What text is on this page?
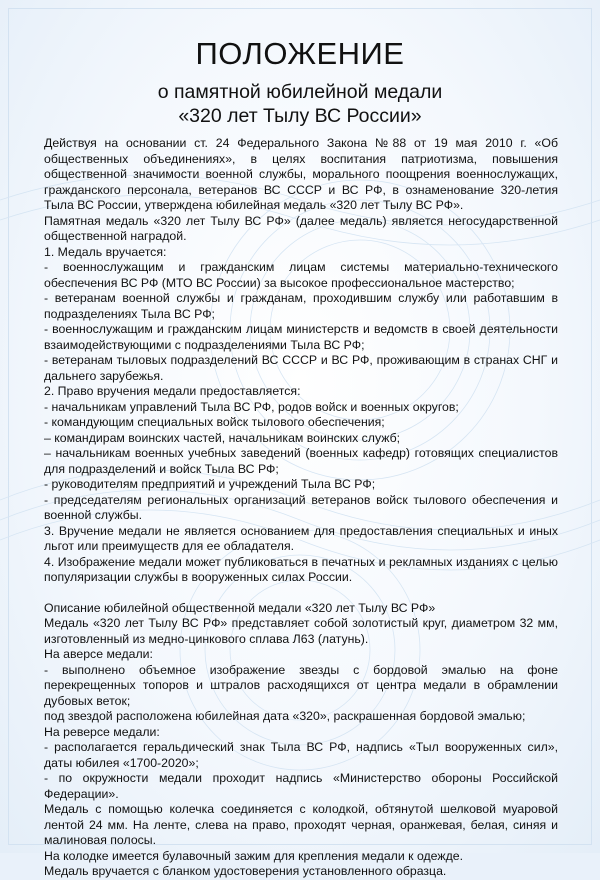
ПОЛОЖЕНИЕ
о памятной юбилейной медали
«320 лет Тылу ВС России»

Действуя на основании ст. 24 Федерального Закона №88 от 19 мая 2010 г. «Об общественных объединениях», в целях воспитания патриотизма, повышения общественной значимости военной службы, морального поощрения военнослужащих, гражданского персонала, ветеранов ВС СССР и ВС РФ, в ознаменование 320-летия Тыла ВС России, утверждена юбилейная медаль «320 лет Тылу ВС РФ».

Памятная медаль «320 лет Тылу ВС РФ» (далее медаль) является негосударственной общественной наградой.

1. Медаль вручается:

- военнослужащим и гражданским лицам системы материально-технического обеспечения ВС РФ (МТО ВС России) за высокое профессиональное мастерство;

- ветеранам военной службы и гражданам, проходившим службу или работавшим в подразделениях Тыла ВС РФ;

- военнослужащим и гражданским лицам министерств и ведомств в своей деятельности взаимодействующими с подразделениями Тыла ВС РФ;

- ветеранам тыловых подразделений ВС СССР и ВС РФ, проживающим в странах СНГ и дальнего зарубежья.

2. Право вручения медали предоставляется:

- начальникам управлений Тыла ВС РФ, родов войск и военных округов;

- командующим специальных войск тылового обеспечения;

– командирам воинских частей, начальникам воинских служб;

– начальникам военных учебных заведений (военных кафедр) готовящих специалистов для подразделений и войск Тыла ВС РФ;

- руководителям предприятий и учреждений Тыла ВС РФ;

- председателям региональных организаций ветеранов войск тылового обеспечения и военной службы.

3. Вручение медали не является основанием для предоставления специальных и иных льгот или преимуществ для ее обладателя.

4. Изображение медали может публиковаться в печатных и рекламных изданиях с целью популяризации службы в вооруженных силах России.

Описание юбилейной общественной медали «320 лет Тылу ВС РФ»

Медаль «320 лет Тылу ВС РФ» представляет собой золотистый круг, диаметром 32 мм, изготовленный из медно-цинкового сплава Л63 (латунь).

На аверсе медали:

- выполнено объемное изображение звезды с бордовой эмалью на фоне перекрещенных топоров и штралов расходящихся от центра медали в обрамлении дубовых веток;

под звездой расположена юбилейная дата «320», раскрашенная бордовой эмалью;

На реверсе медали:

- располагается геральдический знак Тыла ВС РФ, надпись «Тыл вооруженных сил», даты юбилея «1700-2020»;

- по окружности медали проходит надпись «Министерство обороны Российской Федерации».

Медаль с помощью колечка соединяется с колодкой, обтянутой шелковой муаровой лентой 24 мм. На ленте, слева на право, проходят черная, оранжевая, белая, синяя и малиновая полосы.

На колодке имеется булавочный зажим для крепления медали к одежде.

Медаль вручается с бланком удостоверения установленного образца.
